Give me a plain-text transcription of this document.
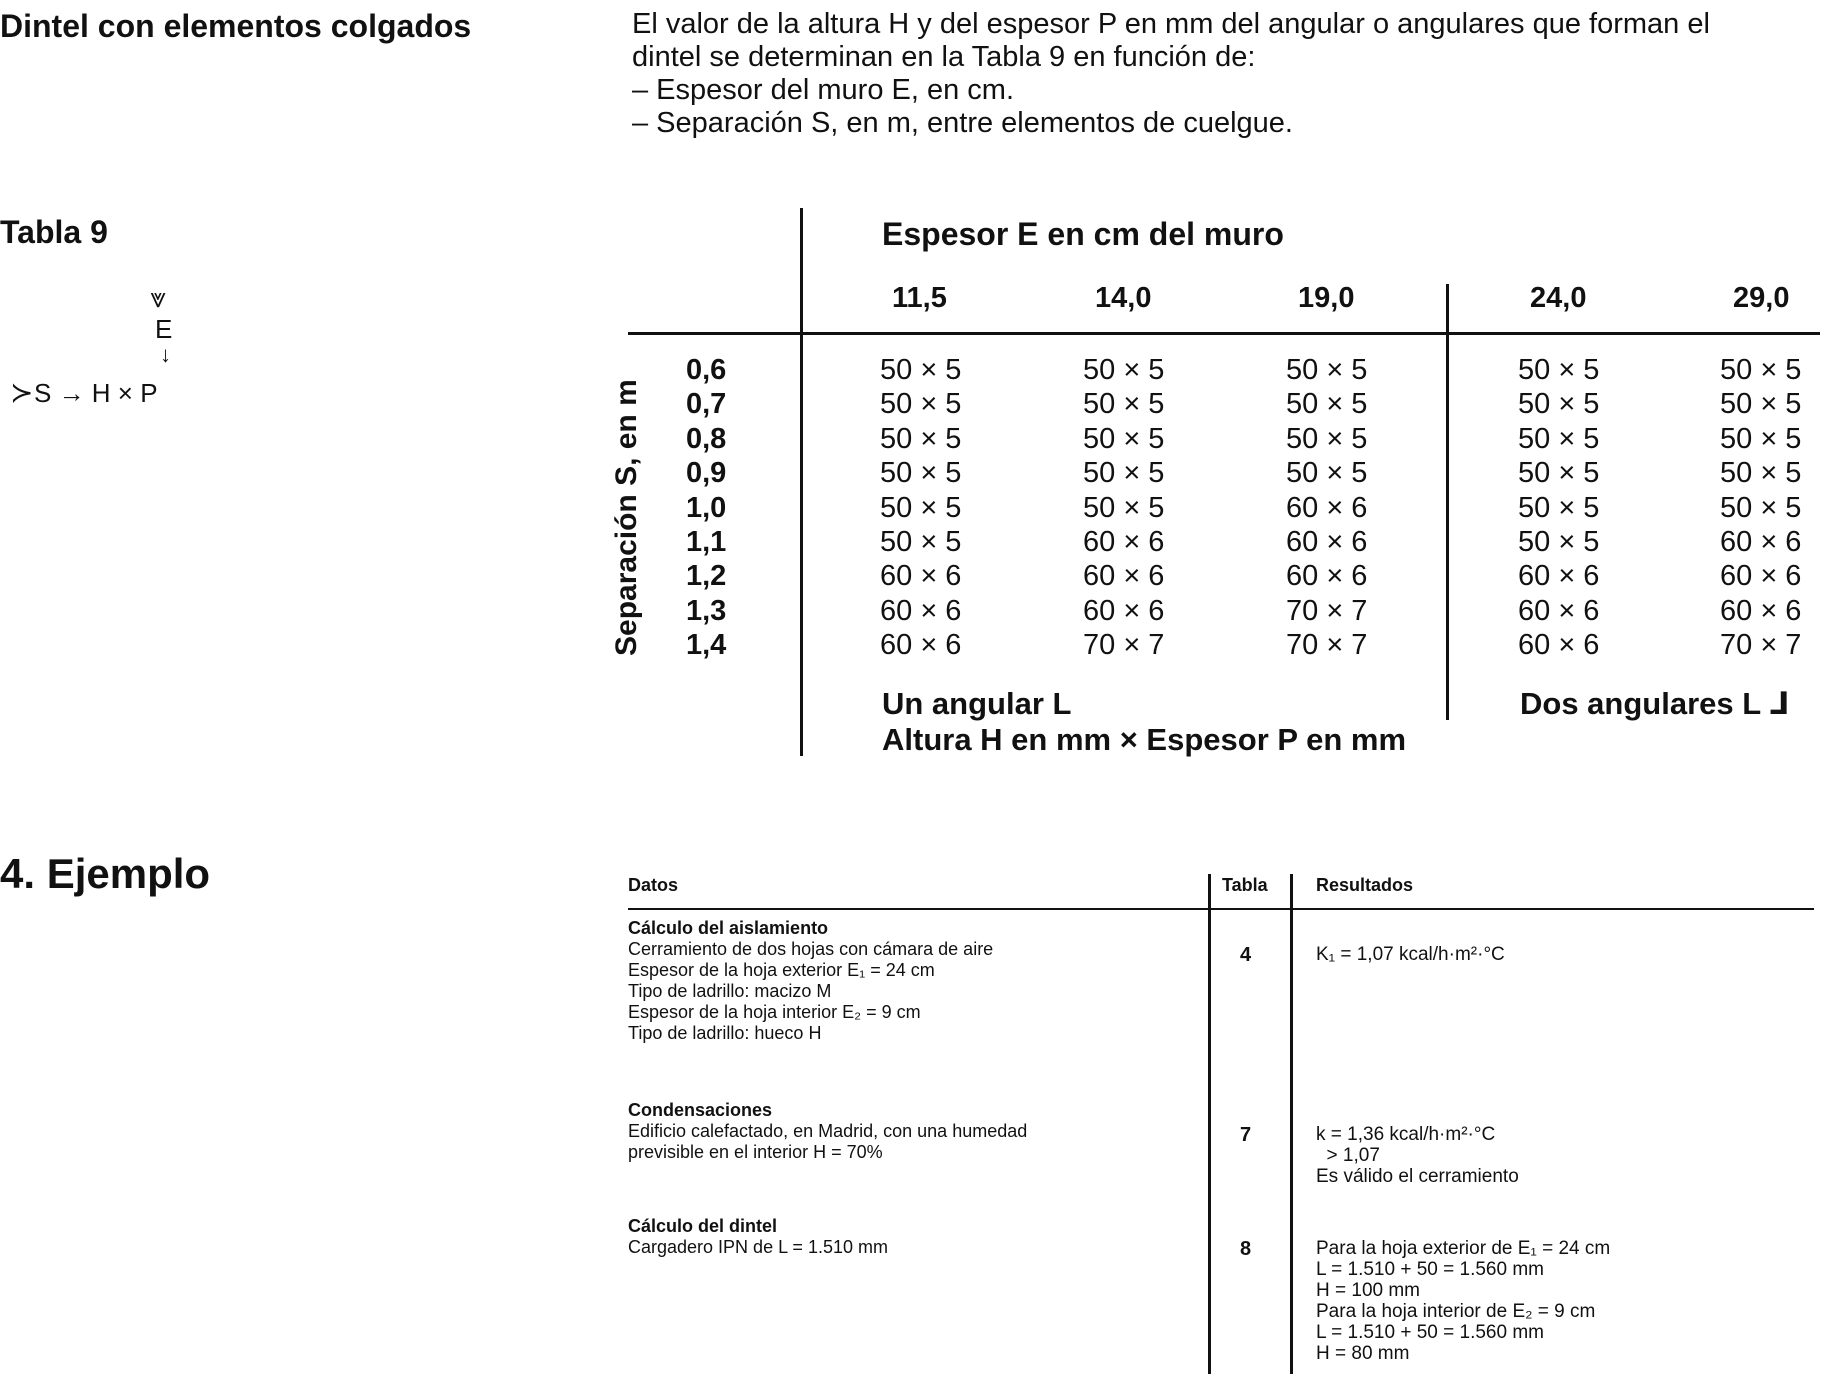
Dintel con elementos colgados	El valor de la altura H y del espesor P en mm del angular o angulares que forman el
dintel se determinan en la Tabla 9 en función de:
– Espesor del muro E, en cm.
– Separación S, en m, entre elementos de cuelgue.
Tabla 9
⩔
E
↓
≻ S → H × P
Espesor E en cm del muro
11,5	14,0	19,0	24,0	29,0
Separación S, en m
0,6	50 × 5	50 × 5	50 × 5	50 × 5	50 × 5
0,7	50 × 5	50 × 5	50 × 5	50 × 5	50 × 5
0,8	50 × 5	50 × 5	50 × 5	50 × 5	50 × 5
0,9	50 × 5	50 × 5	50 × 5	50 × 5	50 × 5
1,0	50 × 5	50 × 5	60 × 6	50 × 5	50 × 5
1,1	50 × 5	60 × 6	60 × 6	50 × 5	60 × 6
1,2	60 × 6	60 × 6	60 × 6	60 × 6	60 × 6
1,3	60 × 6	60 × 6	70 × 7	60 × 6	60 × 6
1,4	60 × 6	70 × 7	70 × 7	60 × 6	70 × 7
Un angular L
Altura H en mm × Espesor P en mm
Dos angulares L ⅃
4. Ejemplo	Datos	Tabla	Resultados
Cálculo del aislamiento
Cerramiento de dos hojas con cámara de aire
Espesor de la hoja exterior E₁ = 24 cm
Tipo de ladrillo: macizo M
Espesor de la hoja interior E₂ = 9 cm
Tipo de ladrillo: hueco H
4	K₁ = 1,07 kcal/h·m²·°C
Condensaciones
Edificio calefactado, en Madrid, con una humedad
previsible en el interior H = 70%
7	k = 1,36 kcal/h·m²·°C
> 1,07
Es válido el cerramiento
Cálculo del dintel
Cargadero IPN de L = 1.510 mm	8	Para la hoja exterior de E₁ = 24 cm
L = 1.510 + 50 = 1.560 mm
H = 100 mm
Para la hoja interior de E₂ = 9 cm
L = 1.510 + 50 = 1.560 mm
H = 80 mm
